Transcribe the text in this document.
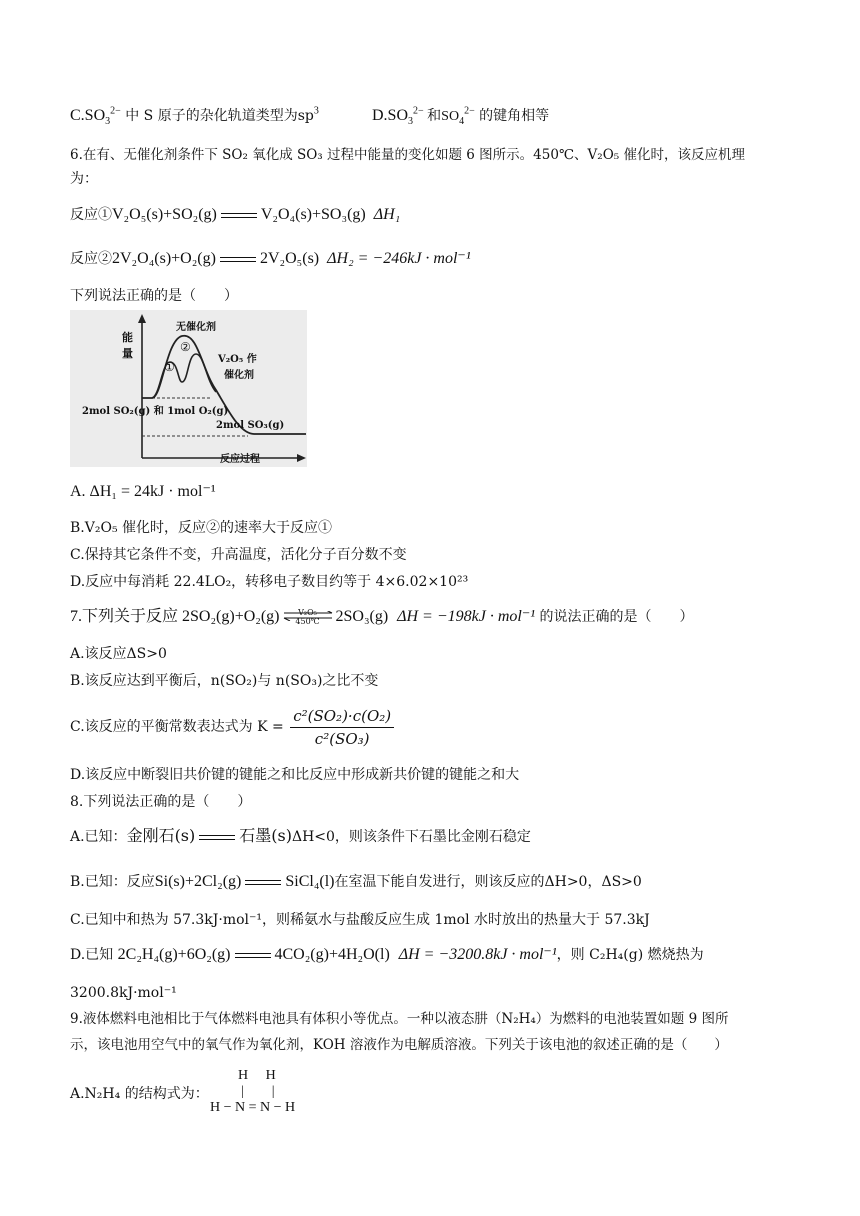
$C.SO_3^{2-}$ 中 S 原子的杂化轨道类型为$sp^3$	$D.SO_3^{2-}$ 和$SO_4^{2-}$ 的键角相等
6.在有、无催化剂条件下 SO₂ 氧化成 SO₃ 过程中能量的变化如题 6 图所示。450℃、V₂O₅ 催化时，该反应机理
为：
反应①V₂O₅(s)+SO₂(g)	V₂O₄(s)+SO₃(g) ΔH₁
反应②2V₂O₄(s)+O₂(g)	2V₂O₅(s) ΔH₂ = −246kJ · mol⁻¹
下列说法正确的是（　　）
能量
无催化剂
②
①
V₂O₅ 作
催化剂
2mol SO₂(g) 和 1mol O₂(g)
2mol SO₃(g)
反应过程
A. ΔH₁ = 24kJ · mol⁻¹
B.V₂O₅ 催化时，反应②的速率大于反应①
C.保持其它条件不变，升高温度，活化分子百分数不变
D.反应中每消耗 22.4LO₂，转移电子数目约等于 4×6.02×10²³
7.下列关于反应 2SO₂(g)+O₂(g)	V₂O₅
450℃ 2SO₃(g) ΔH = −198kJ · mol⁻¹ 的说法正确的是（　　）
A.该反应ΔS>0
B.该反应达到平衡后，n(SO₂)与 n(SO₃)之比不变
C.该反应的平衡常数表达式为 $K = \frac{\text{c²(SO₂)·c(O₂)}}{\text{c²(SO₃)}}$
D.该反应中断裂旧共价键的键能之和比反应中形成新共价键的键能之和大
8.下列说法正确的是（　　）
A.已知：金刚石(s)	石墨(s)ΔH<0，则该条件下石墨比金刚石稳定
B.已知：反应Si(s)+2Cl₂(g)	SiCl₄(l)在室温下能自发进行，则该反应的ΔH>0，ΔS>0
C.已知中和热为 57.3kJ·mol⁻¹，则稀氨水与盐酸反应生成 1mol 水时放出的热量大于 57.3kJ
D.已知 2C₂H₄(g)+6O₂(g)	4CO₂(g)+4H₂O(l) ΔH = −3200.8kJ · mol⁻¹，则 C₂H₄(g) 燃烧热为
3200.8kJ·mol⁻¹
9.液体燃料电池相比于气体燃料电池具有体积小等优点。一种以液态肼（N₂H₄）为燃料的电池装置如题 9 图所
示，该电池用空气中的氧气作为氧化剂，KOH 溶液作为电解质溶液。下列关于该电池的叙述正确的是（　　）
A.N₂H₄ 的结构式为：
H　 H
|　　|
H − N = N − H
